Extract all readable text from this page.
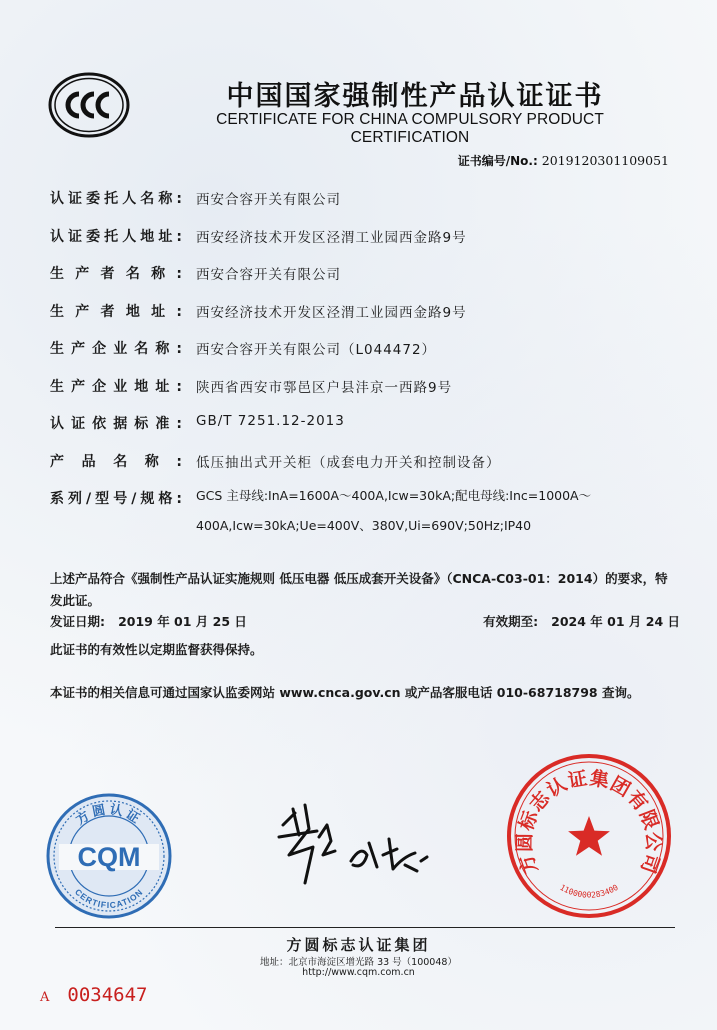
中国国家强制性产品认证证书
CERTIFICATE FOR CHINA COMPULSORY PRODUCT CERTIFICATION
证书编号/No.: 2019120301109051
认证委托人名称:	西安合容开关有限公司
认证委托人地址:	西安经济技术开发区泾渭工业园西金路9号
生产者名称:	西安合容开关有限公司
生产者地址:	西安经济技术开发区泾渭工业园西金路9号
生产企业名称:	西安合容开关有限公司（L044472）
生产企业地址:	陕西省西安市鄠邑区户县沣京一西路9号
认证依据标准:	GB/T 7251.12-2013
产品名称:	低压抽出式开关柜（成套电力开关和控制设备）
系列/型号/规格:	GCS 主母线:InA=1600A～400A,Icw=30kA;配电母线:Inc=1000A～
400A,Icw=30kA;Ue=400V、380V,Ui=690V;50Hz;IP40
上述产品符合《强制性产品认证实施规则 低压电器 低压成套开关设备》（CNCA-C03-01：2014）的要求，特发此证。
发证日期: 2019 年 01 月 25 日	有效期至: 2024 年 01 月 24 日
此证书的有效性以定期监督获得保持。
本证书的相关信息可通过国家认监委网站 www.cnca.gov.cn 或产品客服电话 010-68718798 查询。
方圆认证
CERTIFICATION
CQM	方圆标志认证集团有限公司
1100000283400
方圆标志认证集团
地址：北京市海淀区增光路 33 号（100048）
http://www.cqm.com.cn
A 0034647
